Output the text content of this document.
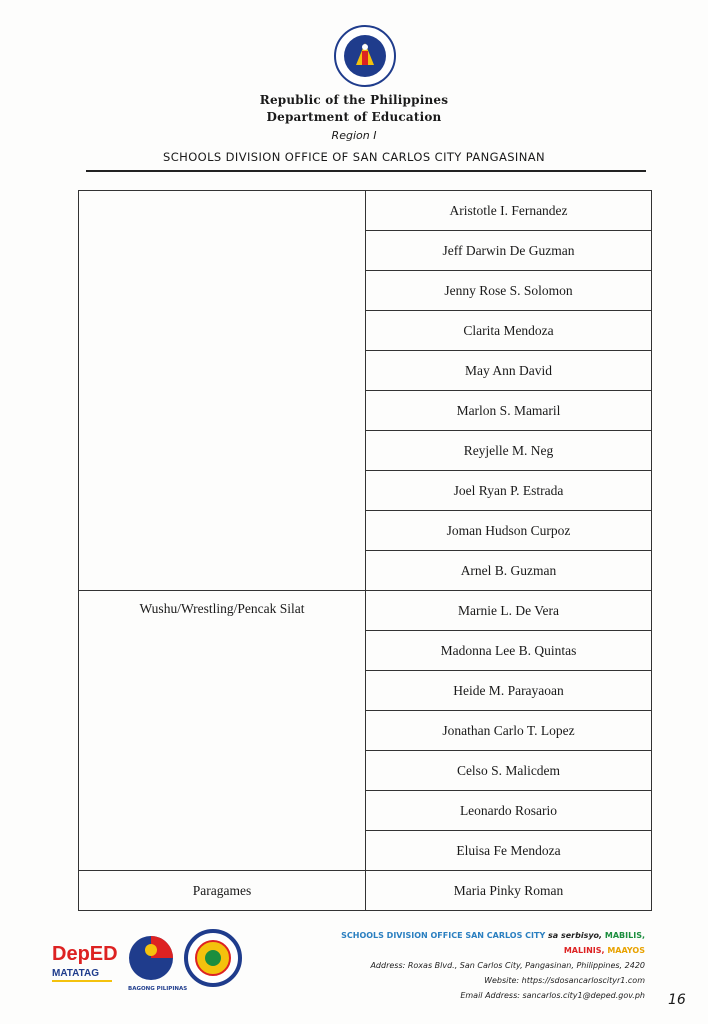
Republic of the Philippines
Department of Education
Region I
SCHOOLS DIVISION OFFICE OF SAN CARLOS CITY PANGASINAN
	Aristotle I. Fernandez
	Jeff Darwin De Guzman
	Jenny Rose S. Solomon
	Clarita Mendoza
	May Ann David
	Marlon S. Mamaril
	Reyjelle M. Neg
	Joel Ryan P. Estrada
	Joman Hudson Curpoz
	Arnel B. Guzman

Wushu/Wrestling/Pencak Silat	Marnie L. De Vera
	Madonna Lee B. Quintas
	Heide M. Parayaoan
	Jonathan Carlo T. Lopez
	Celso S. Malicdem
	Leonardo Rosario
	Eluisa Fe Mendoza

Paragames	Maria Pinky Roman
DepED
MATATAG
BAGONG PILIPINAS
SCHOOLS DIVISION OFFICE SAN CARLOS CITY sa serbisyo, MABILIS, MALINIS, MAAYOS
Address: Roxas Blvd., San Carlos City, Pangasinan, Philippines, 2420
Website: https://sdosancarloscityr1.com
Email Address: sancarlos.city1@deped.gov.ph 16
